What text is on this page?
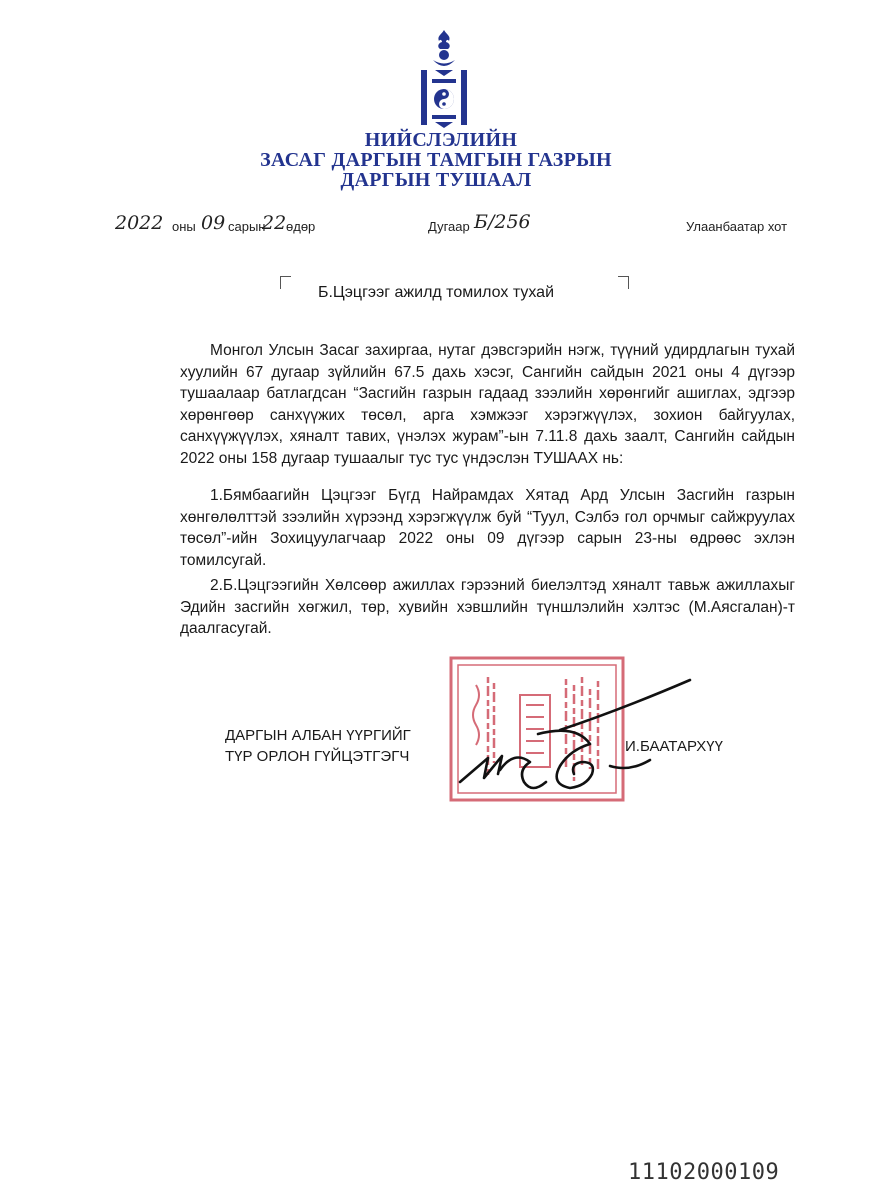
НИЙСЛЭЛИЙН
ЗАСАГ ДАРГЫН ТАМГЫН ГАЗРЫН
ДАРГЫН ТУШААЛ
2022 оны 09 сарын
22 өдөр	Дугаар Б/256	Улаанбаатар хот
Б.Цэцгээг ажилд томилох тухай

Монгол Улсын Засаг захиргаа, нутаг дэвсгэрийн нэгж, түүний удирдлагын тухай хуулийн 67 дугаар зүйлийн 67.5 дахь хэсэг, Сангийн сайдын 2021 оны 4 дүгээр тушаалаар батлагдсан “Засгийн газрын гадаад зээлийн хөрөнгийг ашиглах, эдгээр хөрөнгөөр санхүүжих төсөл, арга хэмжээг хэрэгжүүлэх, зохион байгуулах, санхүүжүүлэх, хяналт тавих, үнэлэх журам”-ын 7.11.8 дахь заалт, Сангийн сайдын 2022 оны 158 дугаар тушаалыг тус тус үндэслэн ТУШААХ нь:

1.Бямбаагийн Цэцгээг Бүгд Найрамдах Хятад Ард Улсын Засгийн газрын хөнгөлөлттэй зээлийн хүрээнд хэрэгжүүлж буй “Туул, Сэлбэ гол орчмыг сайжруулах төсөл”-ийн Зохицуулагчаар 2022 оны 09 дүгээр сарын 23-ны өдрөөс эхлэн томилсугай.

2.Б.Цэцгээгийн Хөлсөөр ажиллах гэрээний биелэлтэд хяналт тавьж ажиллахыг Эдийн засгийн хөгжил, төр, хувийн хэвшлийн түншлэлийн хэлтэс (М.Аясгалан)-т даалгасугай.

ДАРГЫН АЛБАН ҮҮРГИЙГ
ТҮР ОРЛОН ГҮЙЦЭТГЭГЧ
И.БААТАРХҮҮ
11102000109
